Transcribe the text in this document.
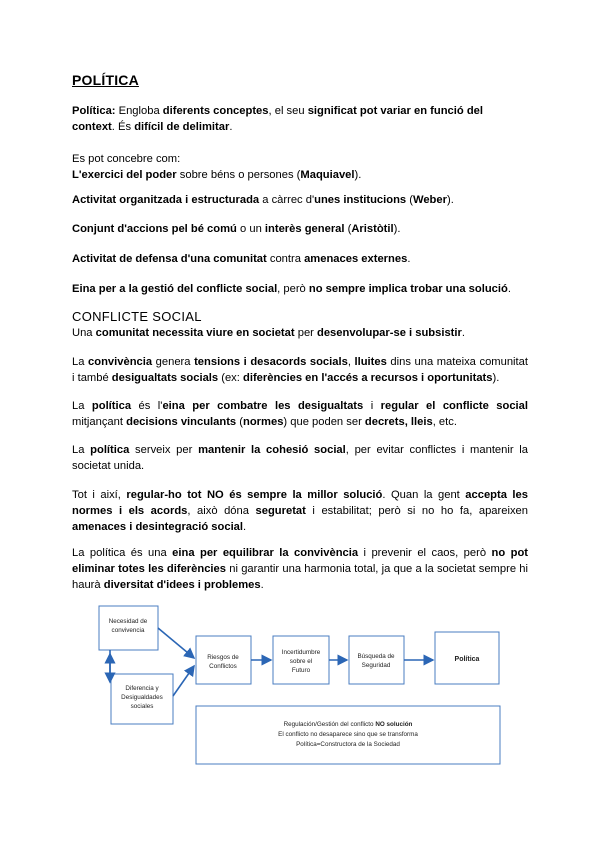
POLÍTICA

Política: Engloba diferents conceptes, el seu significat pot variar en funció del context. És difícil de delimitar.

Es pot concebre com:
L'exercici del poder sobre béns o persones (Maquiavel).

Activitat organitzada i estructurada a càrrec d'unes institucions (Weber).

Conjunt d'accions pel bé comú o un interès general (Aristòtil).

Activitat de defensa d'una comunitat contra amenaces externes.

Eina per a la gestió del conflicte social, però no sempre implica trobar una solució.

CONFLICTE SOCIAL

Una comunitat necessita viure en societat per desenvolupar-se i subsistir.

La convivència genera tensions i desacords socials, lluites dins una mateixa comunitat i també desigualtats socials (ex: diferències en l'accés a recursos i oportunitats).

La política és l'eina per combatre les desigualtats i regular el conflicte social mitjançant decisions vinculants (normes) que poden ser decrets, lleis, etc.

La política serveix per mantenir la cohesió social, per evitar conflictes i mantenir la societat unida.

Tot i així, regular-ho tot NO és sempre la millor solució. Quan la gent accepta les normes i els acords, això dóna seguretat i estabilitat; però si no ho fa, apareixen amenaces i desintegració social.

La política és una eina per equilibrar la convivència i prevenir el caos, però no pot eliminar totes les diferències ni garantir una harmonia total, ja que a la societat sempre hi haurà diversitat d'idees i problemes.

Necesidad de
convivencia
Diferencia y
Desigualdades
sociales
Riesgos de
Conflictos
Incertidumbre
sobre el
Futuro
Búsqueda de
Seguridad
Política
Regulación/Gestión del conflicto NO solución
El conflicto no desaparece sino que se transforma
Política=Constructora de la Sociedad
